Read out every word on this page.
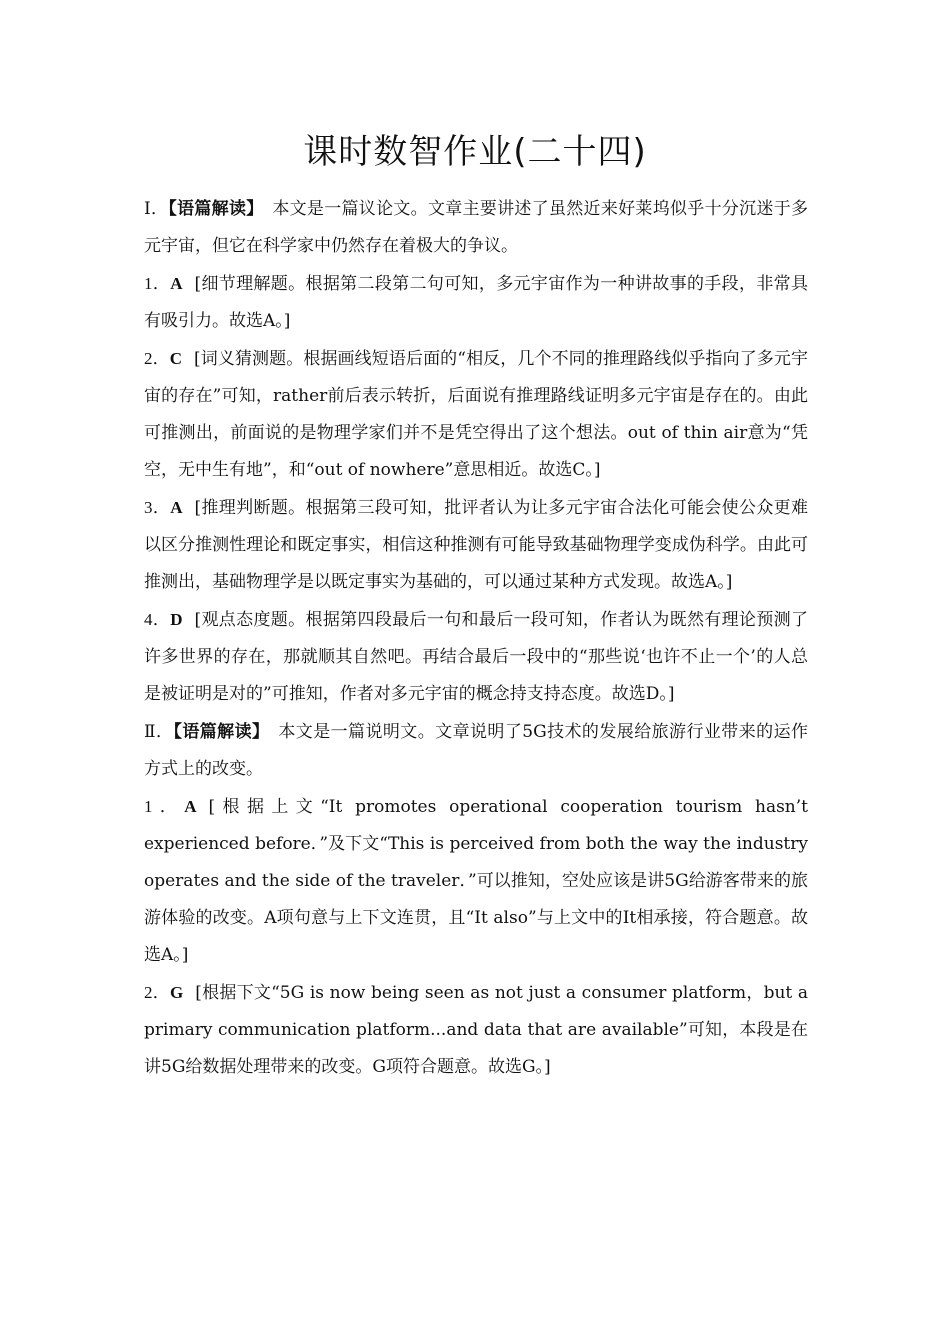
课时数智作业(二十四)

Ⅰ．【语篇解读】　 本文是一篇议论文。文章主要讲述了虽然近来好莱坞似乎十分沉迷于多元宇宙，但它在科学家中仍然存在着极大的争议。

1．A [细节理解题。根据第二段第二句可知，多元宇宙作为一种讲故事的手段，非常具有吸引力。故选A。]

2．C [词义猜测题。根据画线短语后面的“相反，几个不同的推理路线似乎指向了多元宇宙的存在”可知，rather前后表示转折，后面说有推理路线证明多元宇宙是存在的。由此可推测出，前面说的是物理学家们并不是凭空得出了这个想法。out of thin air意为“凭空，无中生有地”，和“out of nowhere”意思相近。故选C。]

3．A [推理判断题。根据第三段可知，批评者认为让多元宇宙合法化可能会使公众更难以区分推测性理论和既定事实，相信这种推测有可能导致基础物理学变成伪科学。由此可推测出，基础物理学是以既定事实为基础的，可以通过某种方式发现。故选A。]

4．D [观点态度题。根据第四段最后一句和最后一段可知，作者认为既然有理论预测了许多世界的存在，那就顺其自然吧。再结合最后一段中的“那些说‘也许不止一个’的人总是被证明是对的”可推知，作者对多元宇宙的概念持支持态度。故选D。]

Ⅱ．【语篇解读】　 本文是一篇说明文。文章说明了5G技术的发展给旅游行业带来的运作方式上的改变。

1．A [根据上文“It promotes operational cooperation tourism hasn’t experienced before．”及下文“This is perceived from both the way the industry operates and the side of the traveler．”可以推知，空处应该是讲5G给游客带来的旅游体验的改变。A项句意与上下文连贯，且“It also”与上文中的It相承接，符合题意。故选A。]

2．G [根据下文“5G is now being seen as not just a consumer platform，but a primary communication platform...and data that are available”可知，本段是在讲5G给数据处理带来的改变。G项符合题意。故选G。]
